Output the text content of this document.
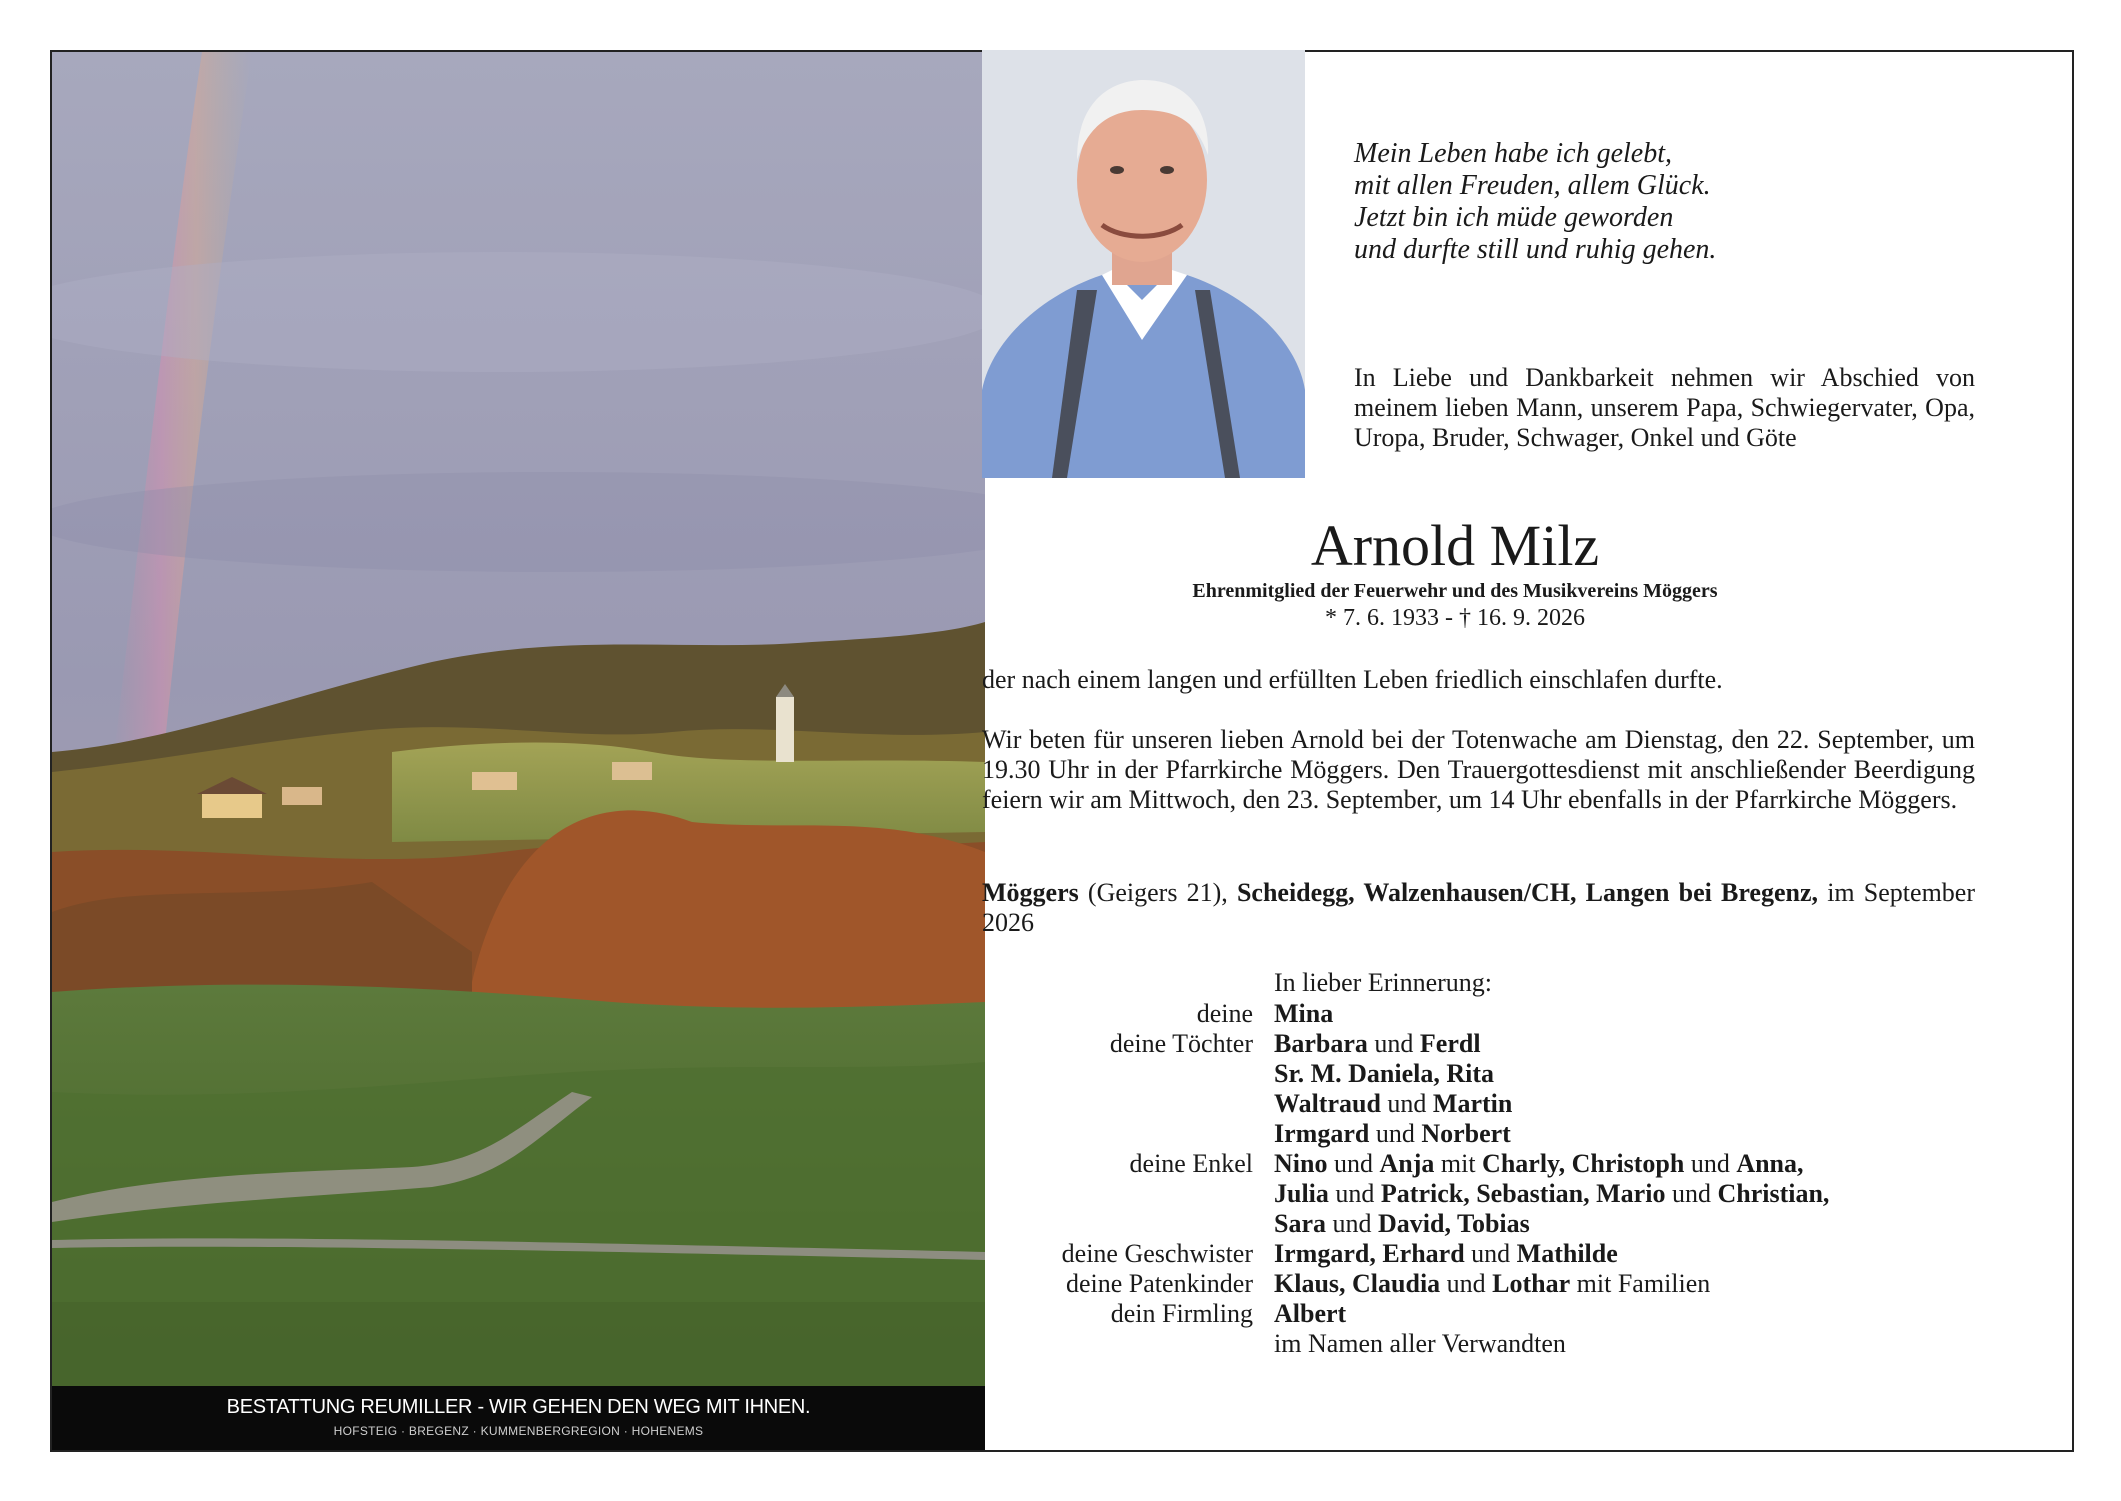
BESTATTUNG REUMILLER - WIR GEHEN DEN WEG MIT IHNEN.
HOFSTEIG · BREGENZ · KUMMENBERGREGION · HOHENEMS
Mein Leben habe ich gelebt,
mit allen Freuden, allem Glück.
Jetzt bin ich müde geworden
und durfte still und ruhig gehen.
In Liebe und Dankbarkeit nehmen wir Abschied von meinem lieben Mann, unserem Papa, Schwiegervater, Opa, Uropa, Bruder, Schwager, Onkel und Göte
Arnold Milz
Ehrenmitglied der Feuerwehr und des Musikvereins Möggers
* 7. 6. 1933 - † 16. 9. 2026
der nach einem langen und erfüllten Leben friedlich einschlafen durfte.
Wir beten für unseren lieben Arnold bei der Totenwache am Dienstag, den 22. September, um 19.30 Uhr in der Pfarrkirche Möggers. Den Trauergottesdienst mit anschließender Beerdigung feiern wir am Mittwoch, den 23. September, um 14 Uhr ebenfalls in der Pfarrkirche Möggers.
Möggers (Geigers 21), Scheidegg, Walzenhausen/CH, Langen bei Bregenz, im September 2026
In lieber Erinnerung:
deine Mina
deine Töchter Barbara und Ferdl
Sr. M. Daniela, Rita
Waltraud und Martin
Irmgard und Norbert
deine Enkel Nino und Anja mit Charly, Christoph und Anna,
Julia und Patrick, Sebastian, Mario und Christian,
Sara und David, Tobias
deine Geschwister Irmgard, Erhard und Mathilde
deine Patenkinder Klaus, Claudia und Lothar mit Familien
dein Firmling Albert
im Namen aller Verwandten
